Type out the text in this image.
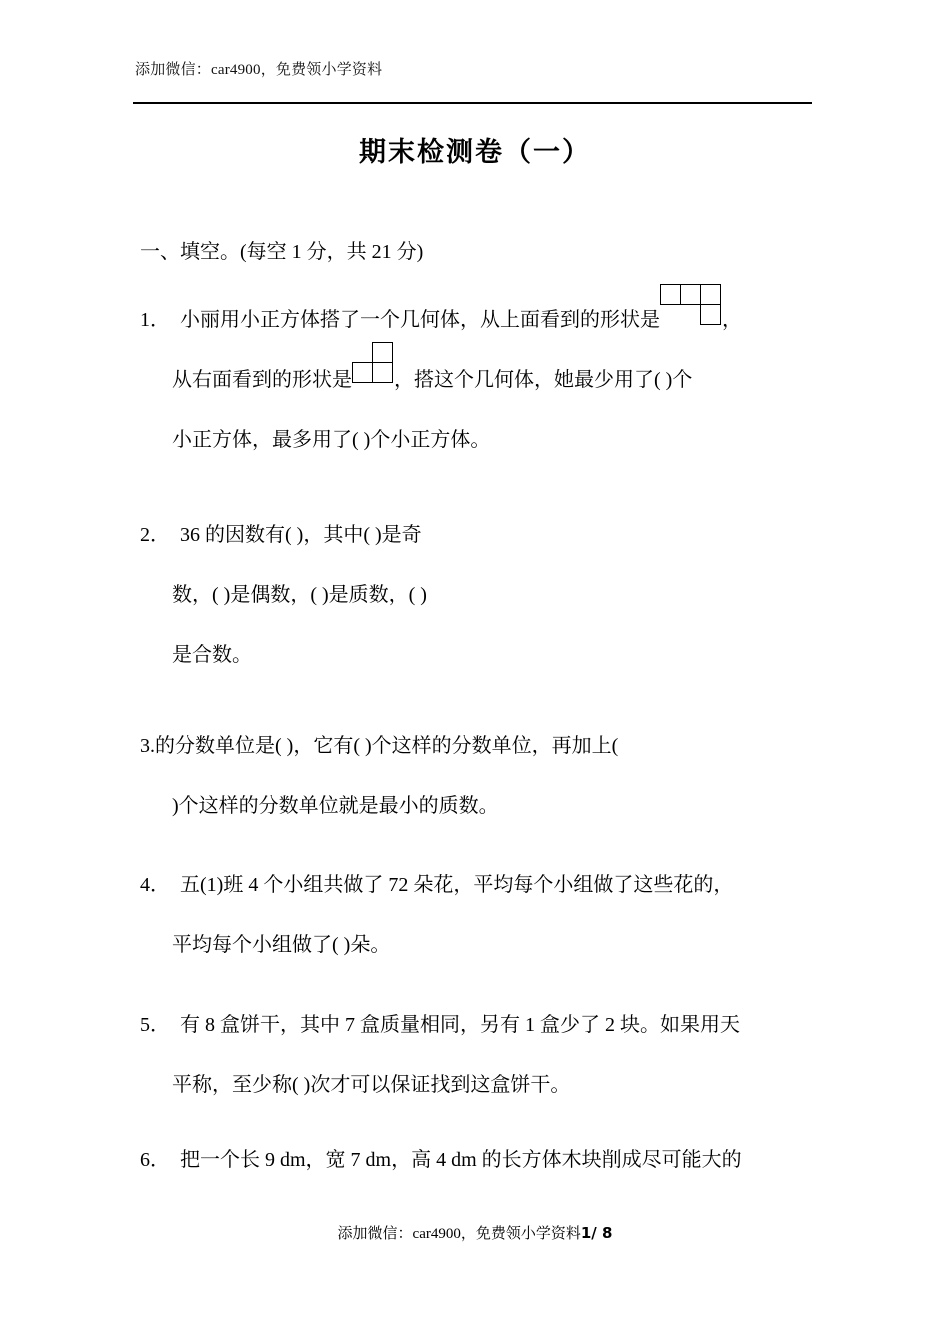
添加微信：car4900，免费领小学资料
期末检测卷（一）
一、填空。(每空 1 分，共 21 分)
1． 小丽用小正方体搭了一个几何体，从上面看到的形状是	，
从右面看到的形状是 ，搭这个几何体，她最少用了( )个
小正方体，最多用了( )个小正方体。
2． 36 的因数有( )，其中( )是奇
数，( )是偶数，( )是质数，( )
是合数。
3.的分数单位是( )，它有( )个这样的分数单位，再加上(
)个这样的分数单位就是最小的质数。
4． 五(1)班 4 个小组共做了 72 朵花，平均每个小组做了这些花的，
平均每个小组做了( )朵。
5． 有 8 盒饼干，其中 7 盒质量相同，另有 1 盒少了 2 块。如果用天
平称，至少称( )次才可以保证找到这盒饼干。
6． 把一个长 9 dm，宽 7 dm，高 4 dm 的长方体木块削成尽可能大的
添加微信：car4900，免费领小学资料1/ 8
